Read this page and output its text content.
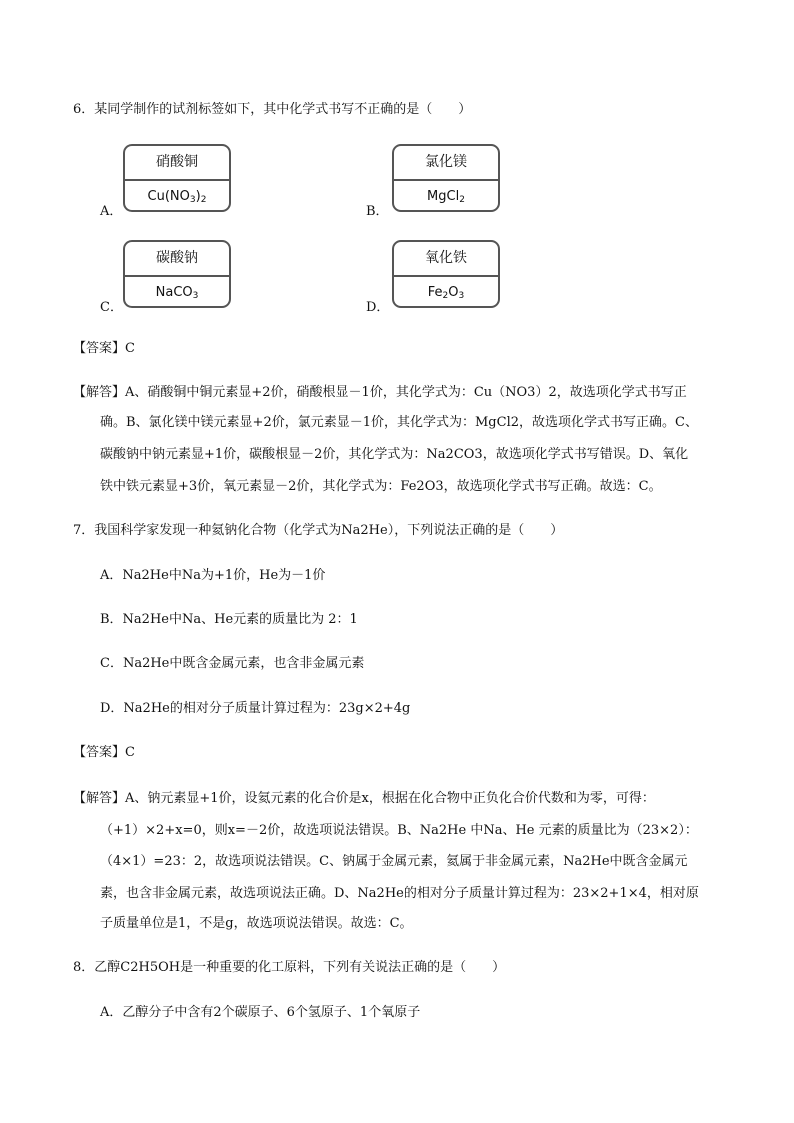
6．某同学制作的试剂标签如下，其中化学式书写不正确的是（　　）
硝酸铜
$Cu(NO_3)_2$
A．
氯化镁
MgCl$_2$
B．
碳酸钠
NaCO$_3$
C．
氧化铁
$Fe_2O_3$
D．
【答案】C
【解答】A、硝酸铜中铜元素显+2价，硝酸根显－1价，其化学式为：Cu（NO3）2，故选项化学式书写正
确。B、氯化镁中镁元素显+2价，氯元素显－1价，其化学式为：MgCl2，故选项化学式书写正确。C、
碳酸钠中钠元素显+1价，碳酸根显－2价，其化学式为：Na2CO3，故选项化学式书写错误。D、氧化
铁中铁元素显+3价，氧元素显－2价，其化学式为：Fe2O3，故选项化学式书写正确。故选：C。
7．我国科学家发现一种氦钠化合物（化学式为Na2He），下列说法正确的是（　　）
A．Na2He中Na为+1价，He为－1价
B．Na2He中Na、He元素的质量比为 2：1
C．Na2He中既含金属元素，也含非金属元素
D．Na2He的相对分子质量计算过程为：23g×2+4g
【答案】C
【解答】A、钠元素显+1价，设氦元素的化合价是x，根据在化合物中正负化合价代数和为零，可得：
（+1）×2+x=0，则x=－2价，故选项说法错误。B、Na2He 中Na、He 元素的质量比为（23×2）：
（4×1）=23：2，故选项说法错误。C、钠属于金属元素，氦属于非金属元素，Na2He中既含金属元
素，也含非金属元素，故选项说法正确。D、Na2He的相对分子质量计算过程为：23×2+1×4，相对原
子质量单位是1，不是g，故选项说法错误。故选：C。
8．乙醇C2H5OH是一种重要的化工原料，下列有关说法正确的是（　　）
A．乙醇分子中含有2个碳原子、6个氢原子、1个氧原子
